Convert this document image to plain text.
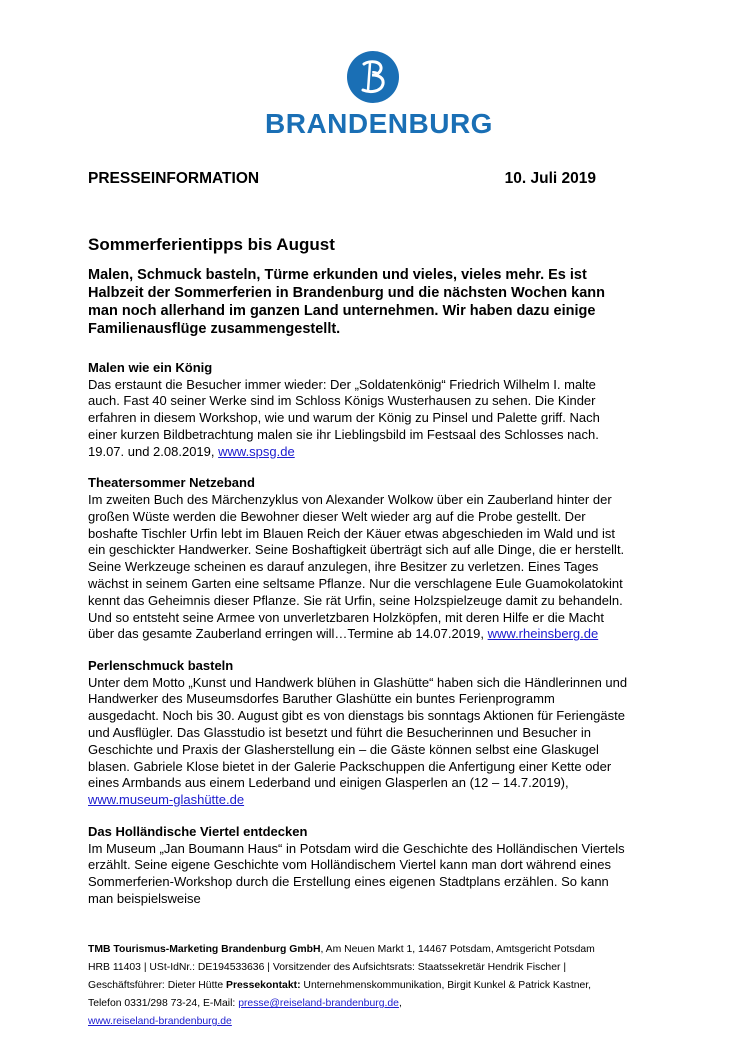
BRANDENBURG
PRESSEINFORMATION	10. Juli 2019
Sommerferientipps bis August
Malen, Schmuck basteln, Türme erkunden und vieles, vieles mehr. Es ist Halbzeit der Sommerferien in Brandenburg und die nächsten Wochen kann man noch allerhand im ganzen Land unternehmen. Wir haben dazu einige Familienausflüge zusammengestellt.
Malen wie ein König

Das erstaunt die Besucher immer wieder: Der „Soldatenkönig“ Friedrich Wilhelm I. malte auch. Fast 40 seiner Werke sind im Schloss Königs Wusterhausen zu sehen. Die Kinder erfahren in diesem Workshop, wie und warum der König zu Pinsel und Palette griff. Nach einer kurzen Bildbetrachtung malen sie ihr Lieblingsbild im Festsaal des Schlosses nach. 19.07. und 2.08.2019, www.spsg.de

Theatersommer Netzeband

Im zweiten Buch des Märchenzyklus von Alexander Wolkow über ein Zauberland hinter der großen Wüste werden die Bewohner dieser Welt wieder arg auf die Probe gestellt. Der boshafte Tischler Urfin lebt im Blauen Reich der Käuer etwas abgeschieden im Wald und ist ein geschickter Handwerker. Seine Boshaftigkeit überträgt sich auf alle Dinge, die er herstellt. Seine Werkzeuge scheinen es darauf anzulegen, ihre Besitzer zu verletzen. Eines Tages wächst in seinem Garten eine seltsame Pflanze. Nur die verschlagene Eule Guamokolatokint kennt das Geheimnis dieser Pflanze. Sie rät Urfin, seine Holzspielzeuge damit zu behandeln. Und so entsteht seine Armee von unverletzbaren Holzköpfen, mit deren Hilfe er die Macht über das gesamte Zauberland erringen will…Termine ab 14.07.2019, www.rheinsberg.de

Perlenschmuck basteln

Unter dem Motto „Kunst und Handwerk blühen in Glashütte“ haben sich die Händlerinnen und Handwerker des Museumsdorfes Baruther Glashütte ein buntes Ferienprogramm ausgedacht. Noch bis 30. August gibt es von dienstags bis sonntags Aktionen für Feriengäste und Ausflügler. Das Glasstudio ist besetzt und führt die Besucherinnen und Besucher in Geschichte und Praxis der Glasherstellung ein – die Gäste können selbst eine Glaskugel blasen. Gabriele Klose bietet in der Galerie Packschuppen die Anfertigung einer Kette oder eines Armbands aus einem Lederband und einigen Glasperlen an (12 – 14.7.2019), www.museum-glashütte.de

Das Holländische Viertel entdecken

Im Museum „Jan Boumann Haus“ in Potsdam wird die Geschichte des Holländischen Viertels erzählt. Seine eigene Geschichte vom Holländischem Viertel kann man dort während eines Sommerferien-Workshop durch die Erstellung eines eigenen Stadtplans erzählen. So kann man beispielsweise

TMB Tourismus-Marketing Brandenburg GmbH, Am Neuen Markt 1, 14467 Potsdam, Amtsgericht Potsdam HRB 11403 | USt-IdNr.: DE194533636 | Vorsitzender des Aufsichtsrats: Staatssekretär Hendrik Fischer | Geschäftsführer: Dieter Hütte Pressekontakt: Unternehmenskommunikation, Birgit Kunkel & Patrick Kastner, Telefon 0331/298 73-24, E-Mail: presse@reiseland-brandenburg.de,
www.reiseland-brandenburg.de
